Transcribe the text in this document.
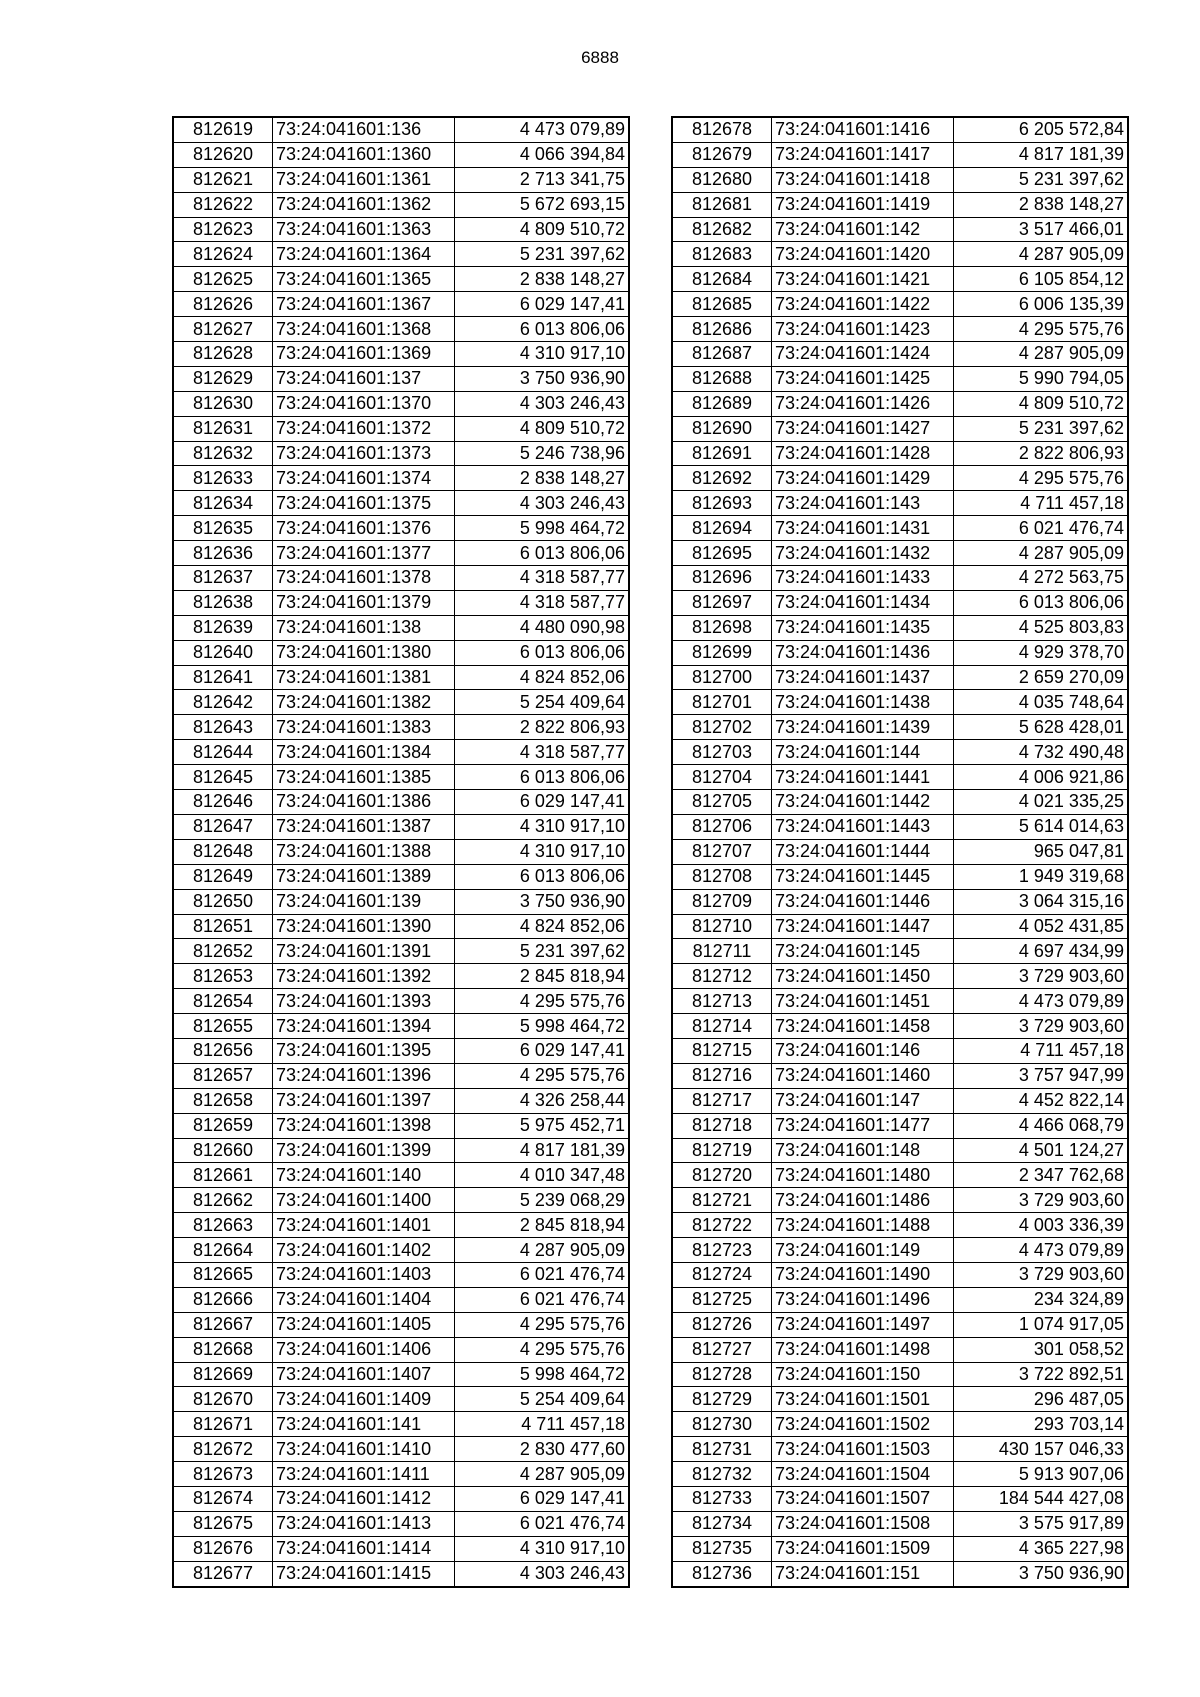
6888
812619	73:24:041601:136	4 473 079,89
812620	73:24:041601:1360	4 066 394,84
812621	73:24:041601:1361	2 713 341,75
812622	73:24:041601:1362	5 672 693,15
812623	73:24:041601:1363	4 809 510,72
812624	73:24:041601:1364	5 231 397,62
812625	73:24:041601:1365	2 838 148,27
812626	73:24:041601:1367	6 029 147,41
812627	73:24:041601:1368	6 013 806,06
812628	73:24:041601:1369	4 310 917,10
812629	73:24:041601:137	3 750 936,90
812630	73:24:041601:1370	4 303 246,43
812631	73:24:041601:1372	4 809 510,72
812632	73:24:041601:1373	5 246 738,96
812633	73:24:041601:1374	2 838 148,27
812634	73:24:041601:1375	4 303 246,43
812635	73:24:041601:1376	5 998 464,72
812636	73:24:041601:1377	6 013 806,06
812637	73:24:041601:1378	4 318 587,77
812638	73:24:041601:1379	4 318 587,77
812639	73:24:041601:138	4 480 090,98
812640	73:24:041601:1380	6 013 806,06
812641	73:24:041601:1381	4 824 852,06
812642	73:24:041601:1382	5 254 409,64
812643	73:24:041601:1383	2 822 806,93
812644	73:24:041601:1384	4 318 587,77
812645	73:24:041601:1385	6 013 806,06
812646	73:24:041601:1386	6 029 147,41
812647	73:24:041601:1387	4 310 917,10
812648	73:24:041601:1388	4 310 917,10
812649	73:24:041601:1389	6 013 806,06
812650	73:24:041601:139	3 750 936,90
812651	73:24:041601:1390	4 824 852,06
812652	73:24:041601:1391	5 231 397,62
812653	73:24:041601:1392	2 845 818,94
812654	73:24:041601:1393	4 295 575,76
812655	73:24:041601:1394	5 998 464,72
812656	73:24:041601:1395	6 029 147,41
812657	73:24:041601:1396	4 295 575,76
812658	73:24:041601:1397	4 326 258,44
812659	73:24:041601:1398	5 975 452,71
812660	73:24:041601:1399	4 817 181,39
812661	73:24:041601:140	4 010 347,48
812662	73:24:041601:1400	5 239 068,29
812663	73:24:041601:1401	2 845 818,94
812664	73:24:041601:1402	4 287 905,09
812665	73:24:041601:1403	6 021 476,74
812666	73:24:041601:1404	6 021 476,74
812667	73:24:041601:1405	4 295 575,76
812668	73:24:041601:1406	4 295 575,76
812669	73:24:041601:1407	5 998 464,72
812670	73:24:041601:1409	5 254 409,64
812671	73:24:041601:141	4 711 457,18
812672	73:24:041601:1410	2 830 477,60
812673	73:24:041601:1411	4 287 905,09
812674	73:24:041601:1412	6 029 147,41
812675	73:24:041601:1413	6 021 476,74
812676	73:24:041601:1414	4 310 917,10
812677	73:24:041601:1415	4 303 246,43
812678	73:24:041601:1416	6 205 572,84
812679	73:24:041601:1417	4 817 181,39
812680	73:24:041601:1418	5 231 397,62
812681	73:24:041601:1419	2 838 148,27
812682	73:24:041601:142	3 517 466,01
812683	73:24:041601:1420	4 287 905,09
812684	73:24:041601:1421	6 105 854,12
812685	73:24:041601:1422	6 006 135,39
812686	73:24:041601:1423	4 295 575,76
812687	73:24:041601:1424	4 287 905,09
812688	73:24:041601:1425	5 990 794,05
812689	73:24:041601:1426	4 809 510,72
812690	73:24:041601:1427	5 231 397,62
812691	73:24:041601:1428	2 822 806,93
812692	73:24:041601:1429	4 295 575,76
812693	73:24:041601:143	4 711 457,18
812694	73:24:041601:1431	6 021 476,74
812695	73:24:041601:1432	4 287 905,09
812696	73:24:041601:1433	4 272 563,75
812697	73:24:041601:1434	6 013 806,06
812698	73:24:041601:1435	4 525 803,83
812699	73:24:041601:1436	4 929 378,70
812700	73:24:041601:1437	2 659 270,09
812701	73:24:041601:1438	4 035 748,64
812702	73:24:041601:1439	5 628 428,01
812703	73:24:041601:144	4 732 490,48
812704	73:24:041601:1441	4 006 921,86
812705	73:24:041601:1442	4 021 335,25
812706	73:24:041601:1443	5 614 014,63
812707	73:24:041601:1444	965 047,81
812708	73:24:041601:1445	1 949 319,68
812709	73:24:041601:1446	3 064 315,16
812710	73:24:041601:1447	4 052 431,85
812711	73:24:041601:145	4 697 434,99
812712	73:24:041601:1450	3 729 903,60
812713	73:24:041601:1451	4 473 079,89
812714	73:24:041601:1458	3 729 903,60
812715	73:24:041601:146	4 711 457,18
812716	73:24:041601:1460	3 757 947,99
812717	73:24:041601:147	4 452 822,14
812718	73:24:041601:1477	4 466 068,79
812719	73:24:041601:148	4 501 124,27
812720	73:24:041601:1480	2 347 762,68
812721	73:24:041601:1486	3 729 903,60
812722	73:24:041601:1488	4 003 336,39
812723	73:24:041601:149	4 473 079,89
812724	73:24:041601:1490	3 729 903,60
812725	73:24:041601:1496	234 324,89
812726	73:24:041601:1497	1 074 917,05
812727	73:24:041601:1498	301 058,52
812728	73:24:041601:150	3 722 892,51
812729	73:24:041601:1501	296 487,05
812730	73:24:041601:1502	293 703,14
812731	73:24:041601:1503	430 157 046,33
812732	73:24:041601:1504	5 913 907,06
812733	73:24:041601:1507	184 544 427,08
812734	73:24:041601:1508	3 575 917,89
812735	73:24:041601:1509	4 365 227,98
812736	73:24:041601:151	3 750 936,90
